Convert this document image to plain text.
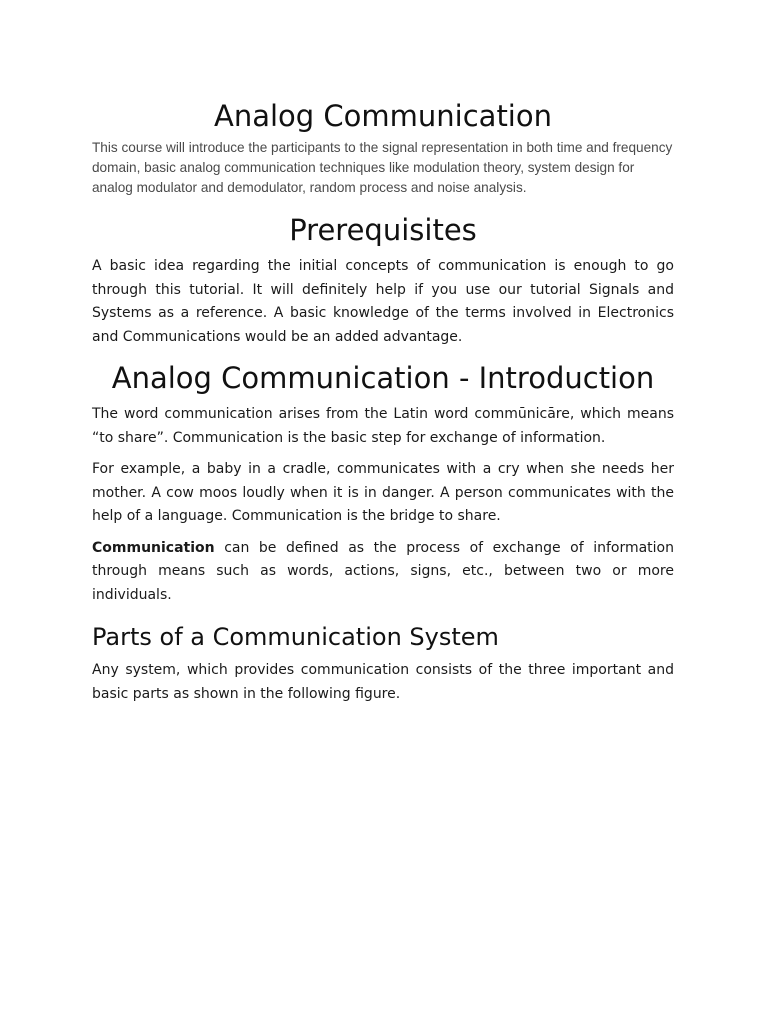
Analog Communication

This course will introduce the participants to the signal representation in both time and frequency domain, basic analog communication techniques like modulation theory, system design for analog modulator and demodulator, random process and noise analysis.

Prerequisites

A basic idea regarding the initial concepts of communication is enough to go through this tutorial. It will definitely help if you use our tutorial Signals and Systems as a reference. A basic knowledge of the terms involved in Electronics and Communications would be an added advantage.

Analog Communication - Introduction

The word communication arises from the Latin word commūnicāre, which means “to share”. Communication is the basic step for exchange of information.

For example, a baby in a cradle, communicates with a cry when she needs her mother. A cow moos loudly when it is in danger. A person communicates with the help of a language. Communication is the bridge to share.

Communication can be defined as the process of exchange of information through means such as words, actions, signs, etc., between two or more individuals.

Parts of a Communication System

Any system, which provides communication consists of the three important and basic parts as shown in the following figure.
